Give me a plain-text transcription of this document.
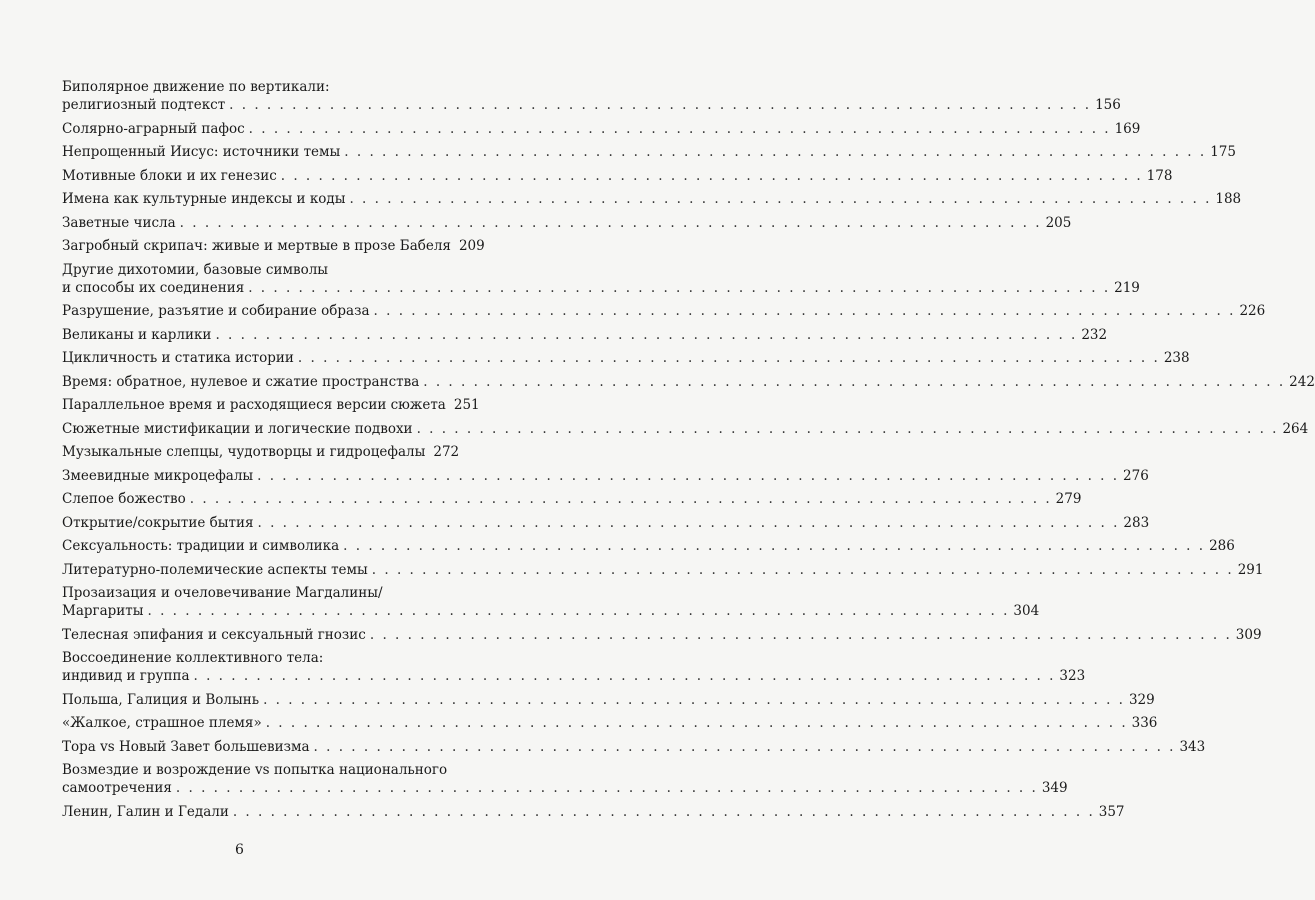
Биполярное движение по вертикали:
религиозный подтекст . . .	156
Солярно-аграрный пафос . . .	169
Непрощенный Иисус: источники темы . . .	175
Мотивные блоки и их генезис . . .	178
Имена как культурные индексы и коды . . .	188
Заветные числа . . .	205
Загробный скрипач: живые и мертвые в прозе Бабеля 209
Другие дихотомии, базовые символы
и способы их соединения . . .	219
Разрушение, разъятие и собирание образа . . .	226
Великаны и карлики . . .	232
Цикличность и статика истории . . .	238
Время: обратное, нулевое и сжатие пространства . . .	242
Параллельное время и расходящиеся версии сюжета 251
Сюжетные мистификации и логические подвохи . . .	264
Музыкальные слепцы, чудотворцы и гидроцефалы 272
Змеевидные микроцефалы . . .	276
Слепое божество . . .	279
Открытие/сокрытие бытия . . .	283
Сексуальность: традиции и символика . . .	286
Литературно-полемические аспекты темы . . .	291
Прозаизация и очеловечивание Магдалины/
Маргариты . . .	304
Телесная эпифания и сексуальный гнозис . . .	309
Воссоединение коллективного тела:
индивид и группа . . .	323
Польша, Галиция и Волынь . . .	329
«Жалкое, страшное племя» . . .	336
Тора vs Новый Завет большевизма . . .	343
Возмездие и возрождение vs попытка национального
самоотречения . . .	349
Ленин, Галин и Гедали . . .	357
6
